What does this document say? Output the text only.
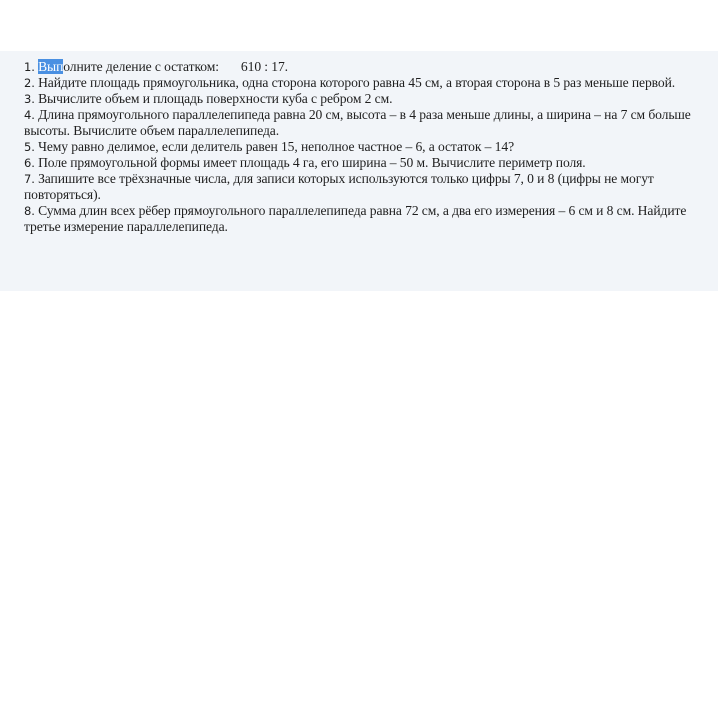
1. Выполните деление с остатком: 610 : 17.
2. Найдите площадь прямоугольника, одна сторона которого равна 45 см, а вторая сторона в 5 раз меньше первой.
3. Вычислите объем и площадь поверхности куба с ребром 2 см.
4. Длина прямоугольного параллелепипеда равна 20 см, высота – в 4 раза меньше длины, а ширина – на 7 см больше высоты. Вычислите объем параллелепипеда.
5. Чему равно делимое, если делитель равен 15, неполное частное – 6, а остаток – 14?
6. Поле прямоугольной формы имеет площадь 4 га, его ширина – 50 м. Вычислите периметр поля.
7. Запишите все трёхзначные числа, для записи которых используются только цифры 7, 0 и 8 (цифры не могут повторяться).
8. Сумма длин всех рёбер прямоугольного параллелепипеда равна 72 см, а два его измерения – 6 см и 8 см. Найдите третье измерение параллелепипеда.
